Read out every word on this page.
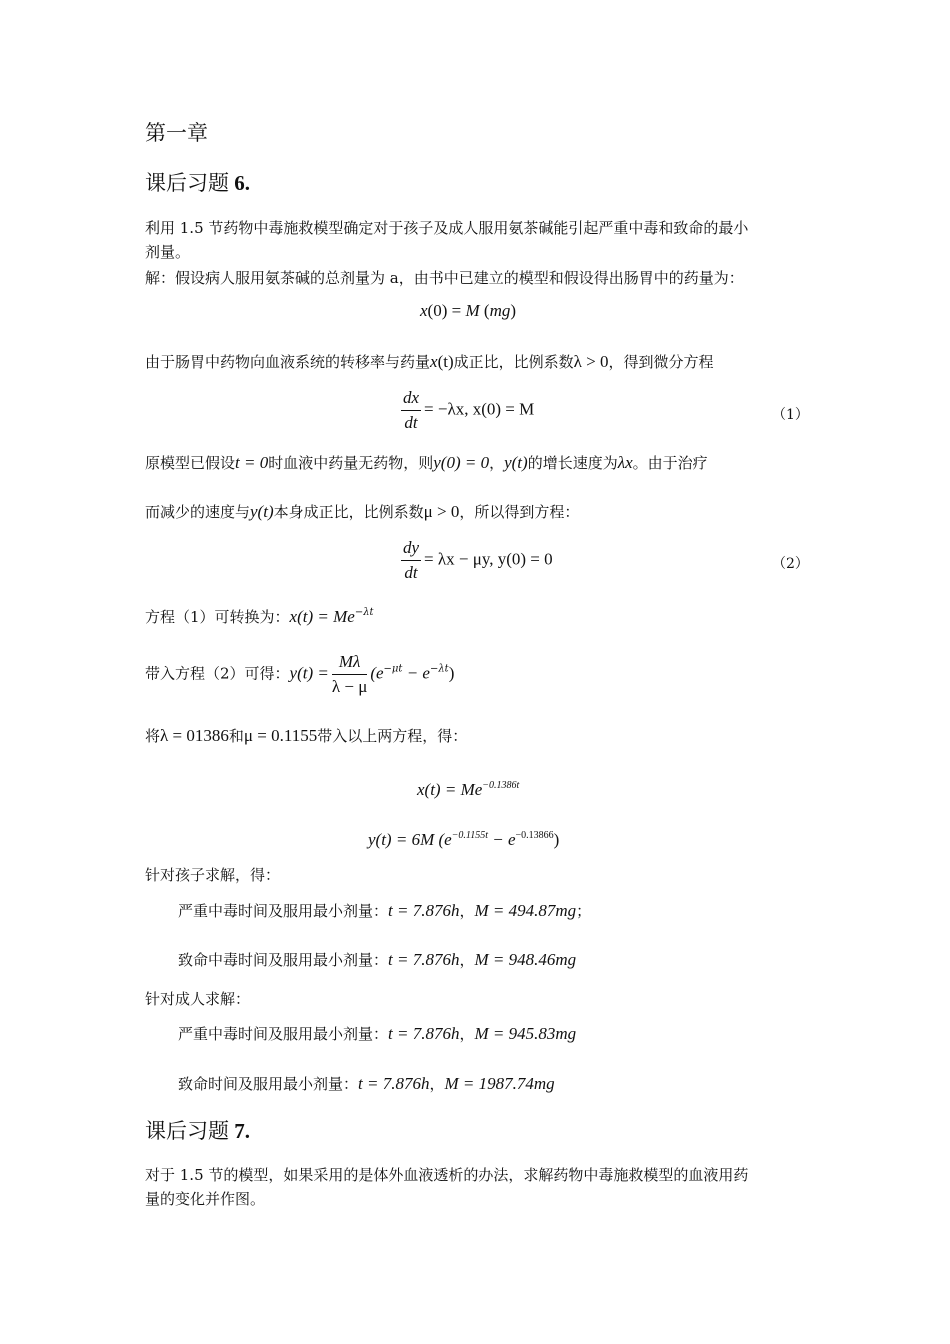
第一章
课后习题 6.
利用 1.5 节药物中毒施救模型确定对于孩子及成人服用氨茶碱能引起严重中毒和致命的最小
剂量。
解：假设病人服用氨茶碱的总剂量为 a，由书中已建立的模型和假设得出肠胃中的药量为：
x(0) = M (mg)
由于肠胃中药物向血液系统的转移率与药量x(t)成正比，比例系数λ > 0，得到微分方程
$\frac{dx}{dt} = -\lambda x$, x(0) = M	（1）
原模型已假设t = 0时血液中药量无药物，则y(0) = 0，y(t)的增长速度为λx。由于治疗
而减少的速度与y(t)本身成正比，比例系数μ > 0，所以得到方程：
$\frac{dy}{dt} = \lambda x - \mu y$, y(0) = 0	（2）
方程（1）可转换为：$x(t) = Me^{-\lambda t}$
带入方程（2）可得：$y(t) = \frac{M\lambda}{\lambda - \mu} (e^{-\mu t} - e^{-\lambda t})$
将λ = 01386和μ = 0.1155带入以上两方程，得：
$x(t) = Me^{-0.1386t}$
y(t) = 6M $(e^{-0.1155t} - e^{-0.13866})$
针对孩子求解，得：
严重中毒时间及服用最小剂量：t = 7.876h，M = 494.87mg；
致命中毒时间及服用最小剂量：t = 7.876h，M = 948.46mg
针对成人求解：
严重中毒时间及服用最小剂量：t = 7.876h，M = 945.83mg
致命时间及服用最小剂量：t = 7.876h，M = 1987.74mg
课后习题 7.
对于 1.5 节的模型，如果采用的是体外血液透析的办法，求解药物中毒施救模型的血液用药
量的变化并作图。
